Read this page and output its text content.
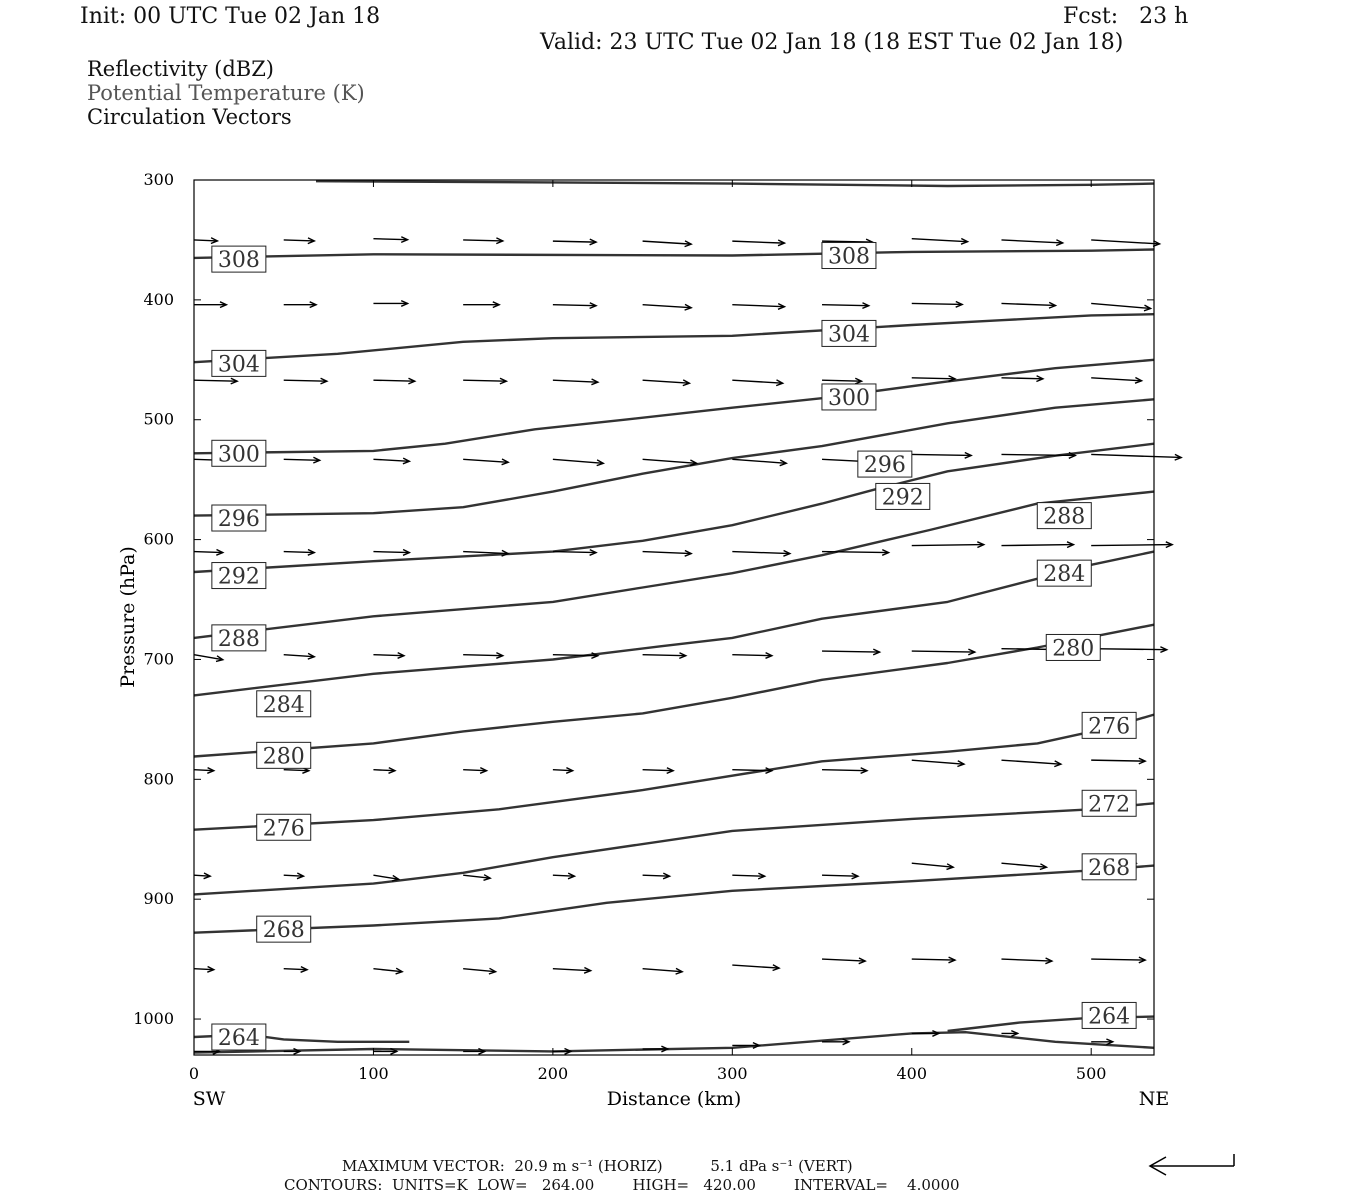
Init: 00 UTC Tue 02 Jan 18	Fcst:   23 h
Valid: 23 UTC Tue 02 Jan 18 (18 EST Tue 02 Jan 18)
Reflectivity (dBZ)
Potential Temperature (K)
Circulation Vectors
264
264
268
268
272
276
276
280
280
284
284
288
288
292
292
296
296
300
300
304
304
308	308
300
400
500
600
700
800
900
1000
0	100	200	300	400	500
Pressure (hPa)
Distance (km)
SW	NE
MAXIMUM VECTOR:  20.9 m s⁻¹ (HORIZ)          5.1 dPa s⁻¹ (VERT)
CONTOURS:  UNITS=K  LOW=   264.00        HIGH=   420.00        INTERVAL=    4.0000
